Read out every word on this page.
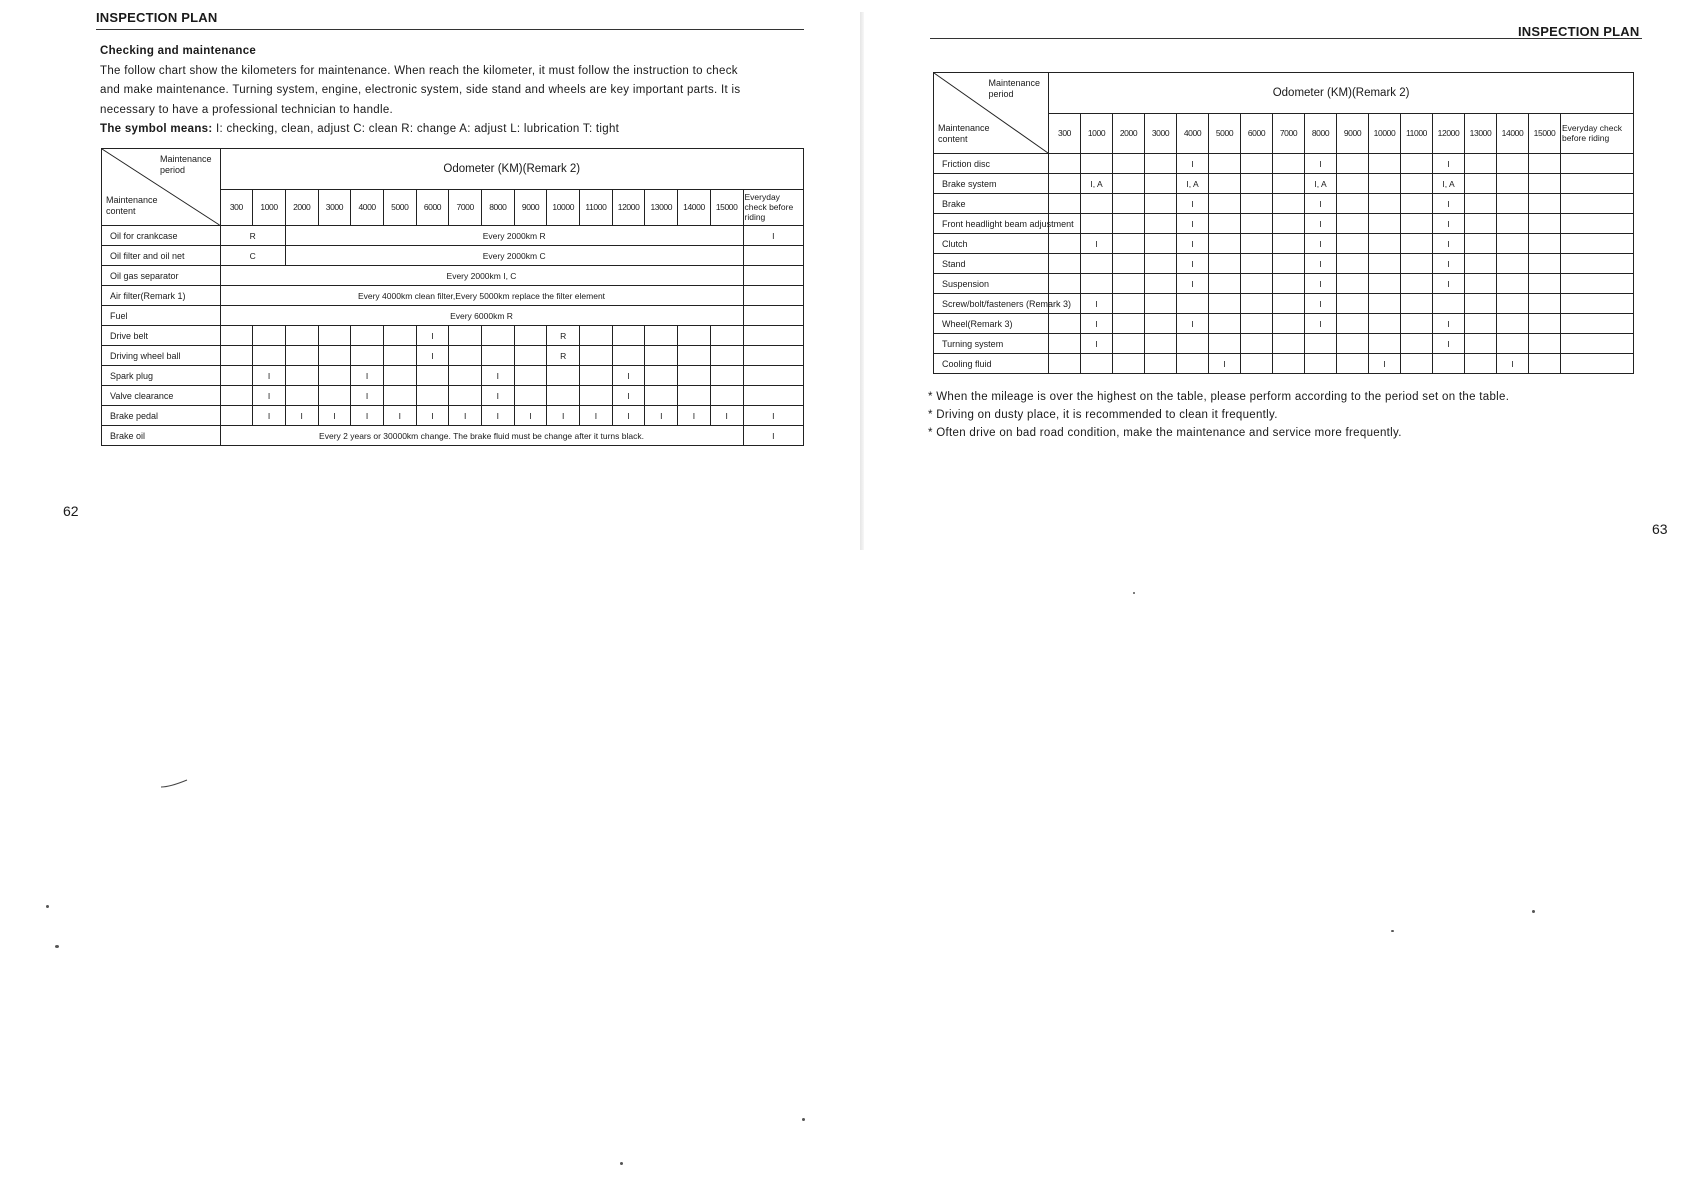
INSPECTION PLAN
Checking and maintenance
The follow chart show the kilometers for maintenance. When reach the kilometer, it must follow the instruction to check
and make maintenance. Turning system, engine, electronic system, side stand and wheels are key important parts. It is
necessary to have a professional technician to handle.
The symbol means: I: checking, clean, adjust C: clean R: change A: adjust L: lubrication T: tight
Maintenance
period
Maintenance
content	Odometer (KM)(Remark 2)																
	300	1000	2000	3000	4000	5000	6000	7000	8000	9000	10000	11000	12000	13000	14000	15000	Everyday check before riding
Oil for crankcase	R		Every 2000km R														I
Oil filter and oil net	C		Every 2000km C														
Oil gas separator	Every 2000km I, C																
Air filter(Remark 1)	Every 4000km clean filter,Every 5000km replace the filter element																
Fuel	Every 6000km R																
Drive belt							I				R						
Driving wheel ball							I				R						
Spark plug		I			I				I				I				
Valve clearance		I			I				I				I				
Brake pedal		I	I	I	I	I	I	I	I	I	I	I	I	I	I	I	I
Brake oil	Every 2 years or 30000km change. The brake fluid must be change after it turns black.																I
62
INSPECTION PLAN
Maintenance
period
Maintenance
content	Odometer (KM)(Remark 2)																
	300	1000	2000	3000	4000	5000	6000	7000	8000	9000	10000	11000	12000	13000	14000	15000	Everyday check before riding
Friction disc					I				I				I				
Brake system		I, A			I, A				I, A				I, A				
Brake					I				I				I				
Front headlight beam adjustment					I				I				I				
Clutch		I			I				I				I				
Stand					I				I				I				
Suspension					I				I				I				
Screw/bolt/fasteners (Remark 3)		I							I								
Wheel(Remark 3)		I			I				I				I				
Turning system		I											I				
Cooling fluid						I					I				I		
* When the mileage is over the highest on the table, please perform according to the period set on the table.
* Driving on dusty place, it is recommended to clean it frequently.
* Often drive on bad road condition, make the maintenance and service more frequently.
63
